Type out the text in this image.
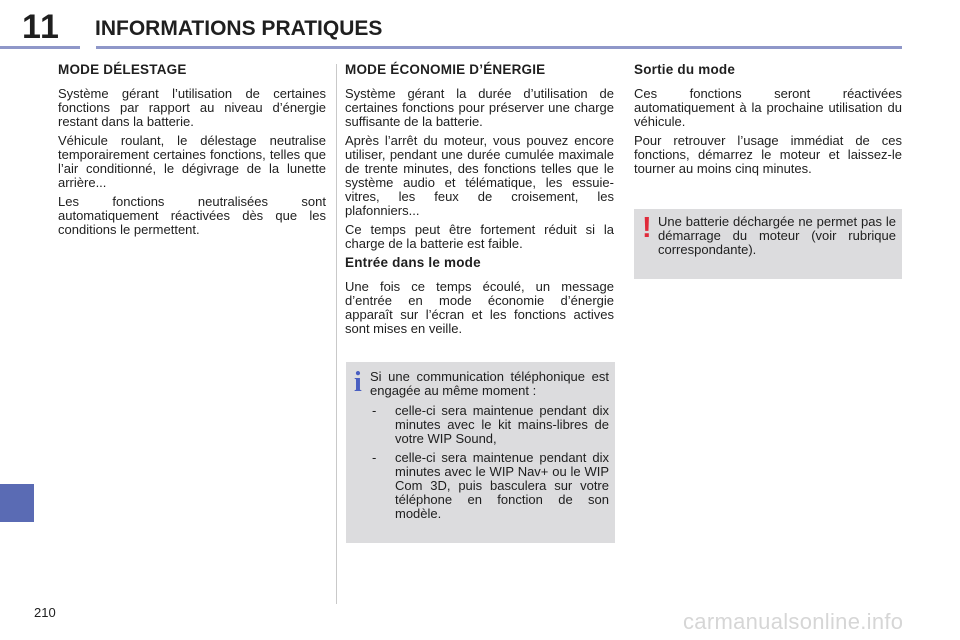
11 INFORMATIONS PRATIQUES
MODE DÉLESTAGE

Système gérant l’utilisation de certaines fonctions par rapport au niveau d’énergie restant dans la batterie.

Véhicule roulant, le délestage neutralise temporairement certaines fonctions, telles que l’air conditionné, le dégivrage de la lunette arrière...

Les fonctions neutralisées sont automatiquement réactivées dès que les conditions le permettent.

MODE ÉCONOMIE D’ÉNERGIE

Système gérant la durée d’utilisation de certaines fonctions pour préserver une charge suffisante de la batterie.

Après l’arrêt du moteur, vous pouvez encore utiliser, pendant une durée cumulée maximale de trente minutes, des fonctions telles que le système audio et télématique, les essuie-vitres, les feux de croisement, les plafonniers...

Ce temps peut être fortement réduit si la charge de la batterie est faible.

Entrée dans le mode

Une fois ce temps écoulé, un message d’entrée en mode économie d’énergie apparaît sur l’écran et les fonctions actives sont mises en veille.

i Si une communication téléphonique est engagée au même moment :

-	celle-ci sera maintenue pendant dix minutes avec le kit mains-libres de votre WIP Sound,
-	celle-ci sera maintenue pendant dix minutes avec le WIP Nav+ ou le WIP Com 3D, puis basculera sur votre téléphone en fonction de son modèle.
Sortie du mode

Ces fonctions seront réactivées automatiquement à la prochaine utilisation du véhicule.

Pour retrouver l’usage immédiat de ces fonctions, démarrez le moteur et laissez-le tourner au moins cinq minutes.

! Une batterie déchargée ne permet pas le démarrage du moteur (voir rubrique correspondante).

210	carmanualsonline.info
